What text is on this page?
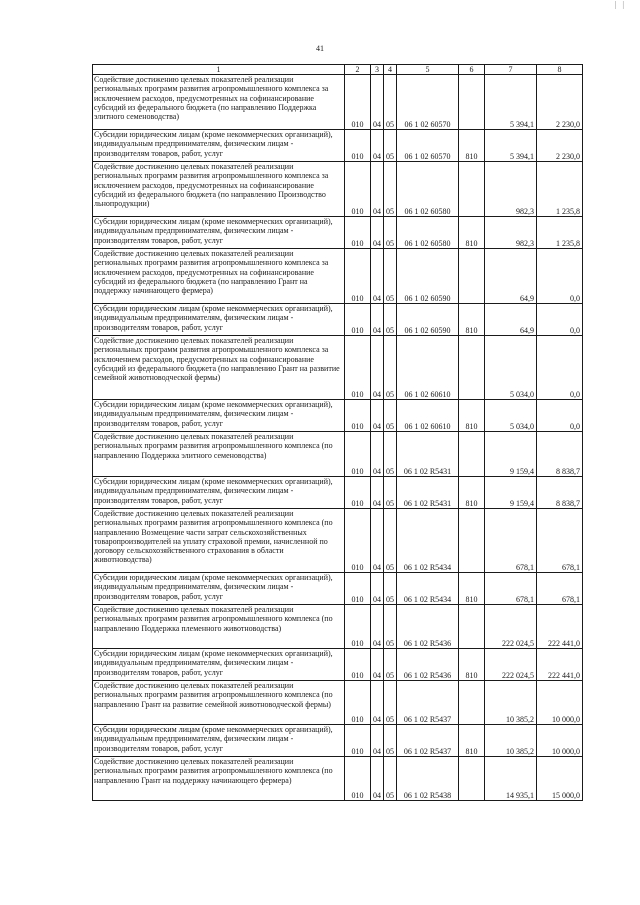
| |
41
1	2	3	4	5	6	7	8
Содействие достижению целевых показателей реализации региональных программ развития агропромышленного комплекса за исключением расходов, предусмотренных на софинансирование субсидий из федерального бюджета (по направлению Поддержка элитного семеноводства)	010	04	05	06 1 02 60570		5 394,1	2 230,0
Субсидии юридическим лицам (кроме некоммерческих организаций), индивидуальным предпринимателям, физическим лицам - производителям товаров, работ, услуг	010	04	05	06 1 02 60570	810	5 394,1	2 230,0
Содействие достижению целевых показателей реализации региональных программ развития агропромышленного комплекса за исключением расходов, предусмотренных на софинансирование субсидий из федерального бюджета (по направлению Производство льнопродукции)	010	04	05	06 1 02 60580		982,3	1 235,8
Субсидии юридическим лицам (кроме некоммерческих организаций), индивидуальным предпринимателям, физическим лицам - производителям товаров, работ, услуг	010	04	05	06 1 02 60580	810	982,3	1 235,8
Содействие достижению целевых показателей реализации региональных программ развития агропромышленного комплекса за исключением расходов, предусмотренных на софинансирование субсидий из федерального бюджета (по направлению Грант на поддержку начинающего фермера)	010	04	05	06 1 02 60590		64,9	0,0
Субсидии юридическим лицам (кроме некоммерческих организаций), индивидуальным предпринимателям, физическим лицам - производителям товаров, работ, услуг	010	04	05	06 1 02 60590	810	64,9	0,0
Содействие достижению целевых показателей реализации региональных программ развития агропромышленного комплекса за исключением расходов, предусмотренных на софинансирование субсидий из федерального бюджета (по направлению Грант на развитие семейной животноводческой фермы)	010	04	05	06 1 02 60610		5 034,0	0,0
Субсидии юридическим лицам (кроме некоммерческих организаций), индивидуальным предпринимателям, физическим лицам - производителям товаров, работ, услуг	010	04	05	06 1 02 60610	810	5 034,0	0,0
Содействие достижению целевых показателей реализации региональных программ развития агропромышленного комплекса (по направлению Поддержка элитного семеноводства)	010	04	05	06 1 02 R5431		9 159,4	8 838,7
Субсидии юридическим лицам (кроме некоммерческих организаций), индивидуальным предпринимателям, физическим лицам - производителям товаров, работ, услуг	010	04	05	06 1 02 R5431	810	9 159,4	8 838,7
Содействие достижению целевых показателей реализации региональных программ развития агропромышленного комплекса (по направлению Возмещение части затрат сельскохозяйственных товаропроизводителей на уплату страховой премии, начисленной по договору сельскохозяйственного страхования в области животноводства)	010	04	05	06 1 02 R5434		678,1	678,1
Субсидии юридическим лицам (кроме некоммерческих организаций), индивидуальным предпринимателям, физическим лицам - производителям товаров, работ, услуг	010	04	05	06 1 02 R5434	810	678,1	678,1
Содействие достижению целевых показателей реализации региональных программ развития агропромышленного комплекса (по направлению Поддержка племенного животноводства)	010	04	05	06 1 02 R5436		222 024,5	222 441,0
Субсидии юридическим лицам (кроме некоммерческих организаций), индивидуальным предпринимателям, физическим лицам - производителям товаров, работ, услуг	010	04	05	06 1 02 R5436	810	222 024,5	222 441,0
Содействие достижению целевых показателей реализации региональных программ развития агропромышленного комплекса (по направлению Грант на развитие семейной животноводческой фермы)	010	04	05	06 1 02 R5437		10 385,2	10 000,0
Субсидии юридическим лицам (кроме некоммерческих организаций), индивидуальным предпринимателям, физическим лицам - производителям товаров, работ, услуг	010	04	05	06 1 02 R5437	810	10 385,2	10 000,0
Содействие достижению целевых показателей реализации региональных программ развития агропромышленного комплекса (по направлению Грант на поддержку начинающего фермера)	010	04	05	06 1 02 R5438		14 935,1	15 000,0
